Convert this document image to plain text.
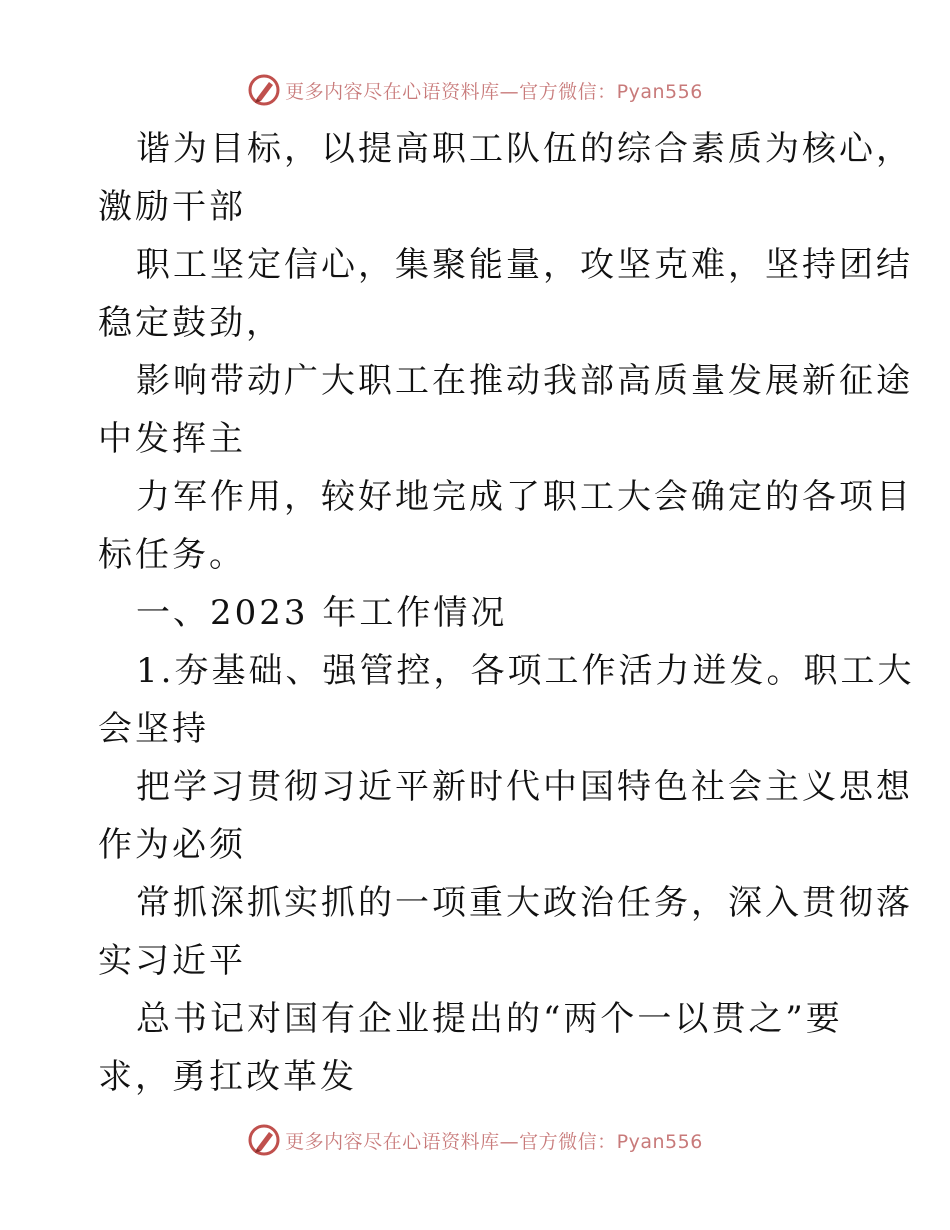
更多内容尽在心语资料库—官方微信：Pyan556
谐为目标，以提高职工队伍的综合素质为核心，
激励干部
职工坚定信心，集聚能量，攻坚克难，坚持团结
稳定鼓劲，
影响带动广大职工在推动我部高质量发展新征途
中发挥主
力军作用，较好地完成了职工大会确定的各项目
标任务。
一、2023 年工作情况
1.夯基础、强管控，各项工作活力迸发。职工大
会坚持
把学习贯彻习近平新时代中国特色社会主义思想
作为必须
常抓深抓实抓的一项重大政治任务，深入贯彻落
实习近平
总书记对国有企业提出的“两个一以贯之”要
求，勇扛改革发
更多内容尽在心语资料库—官方微信：Pyan556
